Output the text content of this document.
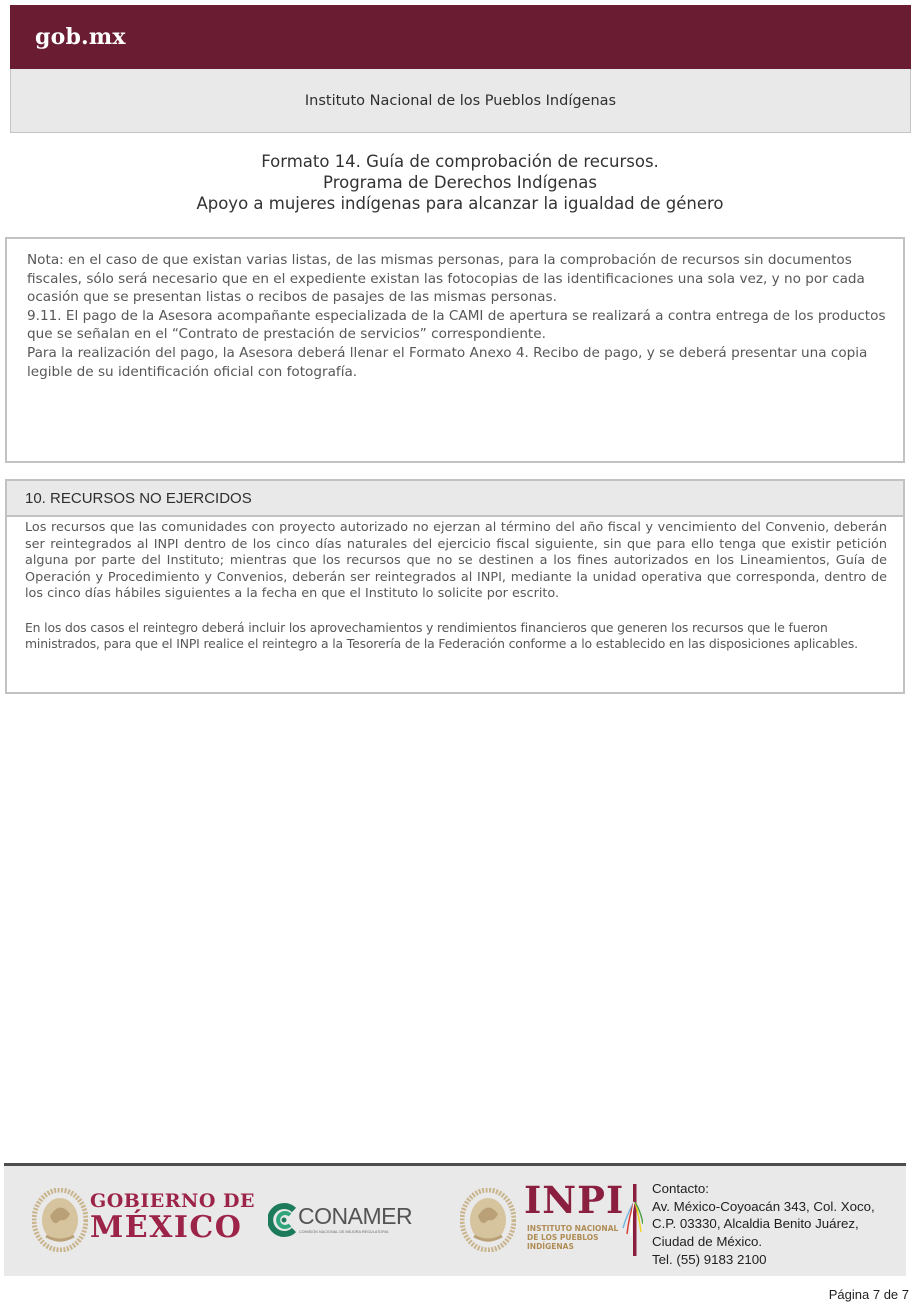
gob.mx
Instituto Nacional de los Pueblos Indígenas
Formato 14. Guía de comprobación de recursos.
Programa de Derechos Indígenas
Apoyo a mujeres indígenas para alcanzar la igualdad de género

Nota: en el caso de que existan varias listas, de las mismas personas, para la comprobación de recursos sin documentos fiscales, sólo será necesario que en el expediente existan las fotocopias de las identificaciones una sola vez, y no por cada ocasión que se presentan listas o recibos de pasajes de las mismas personas.

9.11. El pago de la Asesora acompañante especializada de la CAMI de apertura se realizará a contra entrega de los productos que se señalan en el “Contrato de prestación de servicios” correspondiente.

Para la realización del pago, la Asesora deberá llenar el Formato Anexo 4. Recibo de pago, y se deberá presentar una copia legible de su identificación oficial con fotografía.

10. RECURSOS NO EJERCIDOS

Los recursos que las comunidades con proyecto autorizado no ejerzan al término del año fiscal y vencimiento del Convenio, deberán ser reintegrados al INPI dentro de los cinco días naturales del ejercicio fiscal siguiente, sin que para ello tenga que existir petición alguna por parte del Instituto; mientras que los recursos que no se destinen a los fines autorizados en los Lineamientos, Guía de Operación y Procedimiento y Convenios, deberán ser reintegrados al INPI, mediante la unidad operativa que corresponda, dentro de los cinco días hábiles siguientes a la fecha en que el Instituto lo solicite por escrito.

En los dos casos el reintegro deberá incluir los aprovechamientos y rendimientos financieros que generen los recursos que le fueron ministrados, para que el INPI realice el reintegro a la Tesorería de la Federación conforme a lo establecido en las disposiciones aplicables.

GOBIERNO DE
MÉXICO	CONAMER
COMISIÓN NACIONAL DE MEJORA REGULATORIA
INPI
INSTITUTO NACIONAL
DE LOS PUEBLOS
INDÍGENAS
Contacto:
Av. México-Coyoacán 343, Col. Xoco,
C.P. 03330, Alcaldia Benito Juárez,
Ciudad de México.
Tel. (55) 9183 2100
Página 7 de 7
